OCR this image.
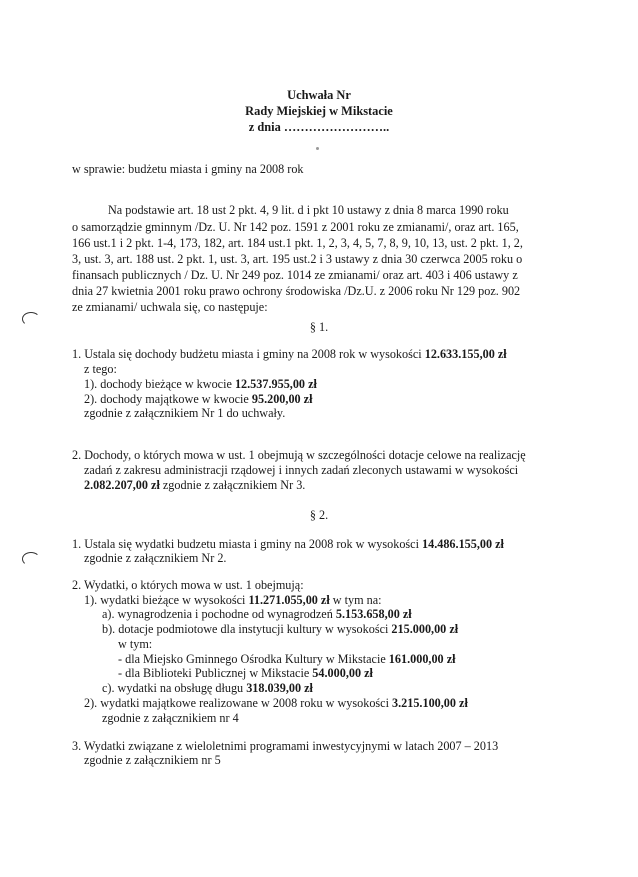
Uchwała Nr
Rady Miejskiej w Mikstacie
z dnia ……………………..
w sprawie: budżetu miasta i gminy na 2008 rok
Na podstawie art. 18 ust 2 pkt. 4, 9 lit. d i pkt 10 ustawy z dnia 8 marca 1990 roku
o samorządzie gminnym /Dz. U. Nr 142 poz. 1591 z 2001 roku ze zmianami/, oraz art. 165,
166 ust.1 i 2 pkt. 1-4, 173, 182, art. 184 ust.1 pkt. 1, 2, 3, 4, 5, 7, 8, 9, 10, 13, ust. 2 pkt. 1, 2,
3, ust. 3, art. 188 ust. 2 pkt. 1, ust. 3, art. 195 ust.2 i 3 ustawy z dnia 30 czerwca 2005 roku o
finansach publicznych / Dz. U. Nr 249 poz. 1014 ze zmianami/ oraz art. 403 i 406 ustawy z
dnia 27 kwietnia 2001 roku prawo ochrony środowiska /Dz.U. z 2006 roku Nr 129 poz. 902
ze zmianami/ uchwala się, co następuje:
§ 1.
1. Ustala się dochody budżetu miasta i gminy na 2008 rok w wysokości 12.633.155,00 zł
z tego:
1). dochody bieżące w kwocie 12.537.955,00 zł
2). dochody majątkowe w kwocie 95.200,00 zł
zgodnie z załącznikiem Nr 1 do uchwały.
2. Dochody, o których mowa w ust. 1 obejmują w szczególności dotacje celowe na realizację
zadań z zakresu administracji rządowej i innych zadań zleconych ustawami w wysokości
2.082.207,00 zł zgodnie z załącznikiem Nr 3.
§ 2.
1. Ustala się wydatki budzetu miasta i gminy na 2008 rok w wysokości 14.486.155,00 zł
zgodnie z załącznikiem Nr 2.
2. Wydatki, o których mowa w ust. 1 obejmują:
1). wydatki bieżące w wysokości 11.271.055,00 zł w tym na:
a). wynagrodzenia i pochodne od wynagrodzeń 5.153.658,00 zł
b). dotacje podmiotowe dla instytucji kultury w wysokości 215.000,00 zł
w tym:
- dla Miejsko Gminnego Ośrodka Kultury w Mikstacie 161.000,00 zł
- dla Biblioteki Publicznej w Mikstacie 54.000,00 zł
c). wydatki na obsługę długu 318.039,00 zł
2). wydatki majątkowe realizowane w 2008 roku w wysokości 3.215.100,00 zł
zgodnie z załącznikiem nr 4
3. Wydatki związane z wieloletnimi programami inwestycyjnymi w latach 2007 – 2013
zgodnie z załącznikiem nr 5
